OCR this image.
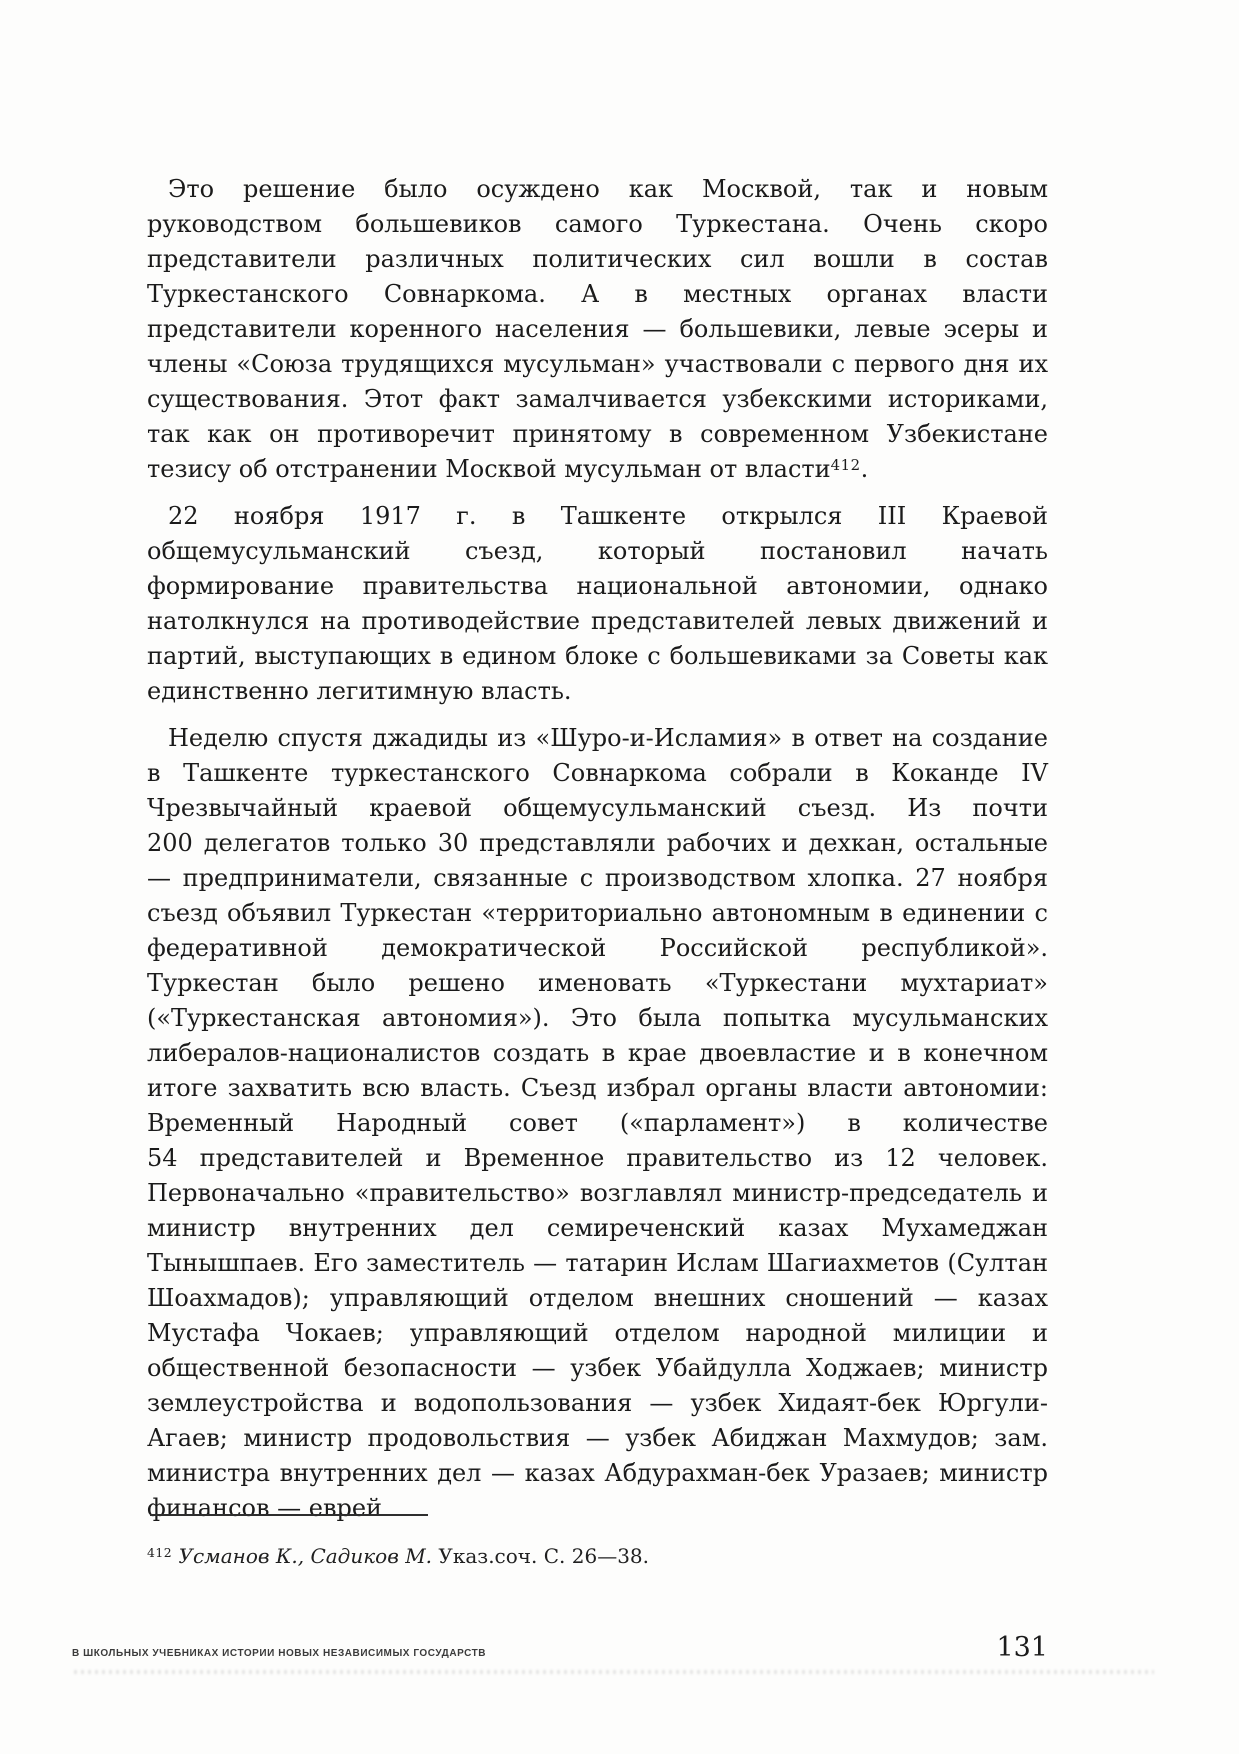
Это решение было осуждено как Москвой, так и новым руководством большевиков самого Туркестана. Очень скоро представители различных политических сил вошли в состав Туркестанского Совнаркома. А в местных органах власти представители коренного населения — большевики, левые эсеры и члены «Союза трудящихся мусульман» участвовали с первого дня их существования. Этот факт замалчивается узбекскими историками, так как он противоречит принятому в современном Узбекистане тезису об отстранении Москвой мусульман от власти$^{412}$.

22 ноября 1917 г. в Ташкенте открылся III Краевой общемусульманский съезд, который постановил начать формирование правительства национальной автономии, однако натолкнулся на противодействие представителей левых движений и партий, выступающих в едином блоке с большевиками за Советы как единственно легитимную власть.

Неделю спустя джадиды из «Шуро-и-Исламия» в ответ на создание в Ташкенте туркестанского Совнаркома собрали в Коканде IV Чрезвычайный краевой общемусульманский съезд. Из почти 200 делегатов только 30 представляли рабочих и дехкан, остальные — предприниматели, связанные с производством хлопка. 27 ноября съезд объявил Туркестан «территориально автономным в единении с федеративной демократической Российской республикой». Туркестан было решено именовать «Туркестани мухтариат» («Туркестанская автономия»). Это была попытка мусульманских либералов-националистов создать в крае двоевластие и в конечном итоге захватить всю власть. Съезд избрал органы власти автономии: Временный Народный совет («парламент») в количестве 54 представителей и Временное правительство из 12 человек. Первоначально «правительство» возглавлял министр-председатель и министр внутренних дел семиреченский казах Мухамеджан Тынышпаев. Его заместитель — татарин Ислам Шагиахметов (Султан Шоахмадов); управляющий отделом внешних сношений — казах Мустафа Чокаев; управляющий отделом народной милиции и общественной безопасности — узбек Убайдулла Ходжаев; министр землеустройства и водопользования — узбек Хидаят-бек Юргули-Агаев; министр продовольствия — узбек Абиджан Махмудов; зам. министра внутренних дел — казах Абдурахман-бек Уразаев; министр финансов — еврей

$^{412}$ Усманов К., Садиков М. Указ.соч. С. 26—38.
В ШКОЛЬНЫХ УЧЕБНИКАХ ИСТОРИИ НОВЫХ НЕЗАВИСИМЫХ ГОСУДАРСТВ	131
